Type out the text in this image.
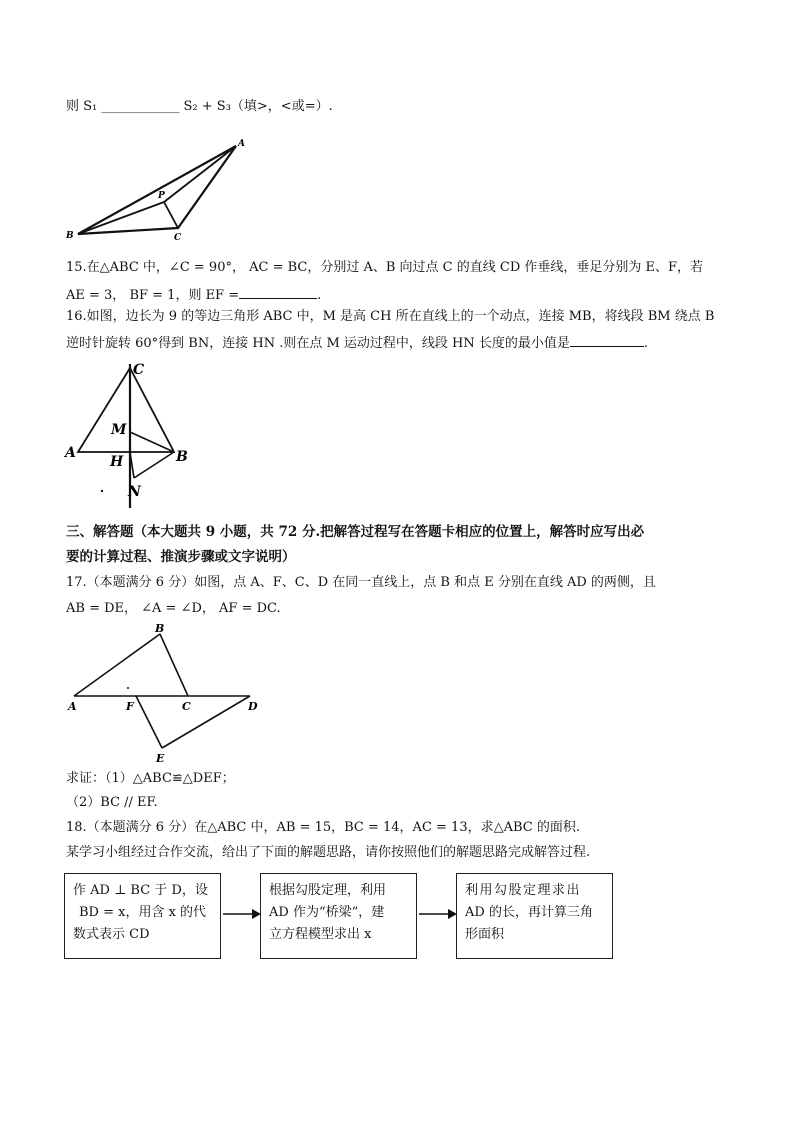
则 S₁ ____________ S₂ + S₃（填>，<或=）.
A
P
B	C
15.在△ABC 中，∠C = 90°， AC = BC，分别过 A、B 向过点 C 的直线 CD 作垂线，垂足分别为 E、F，若
AE = 3， BF = 1，则 EF =	.
16.如图，边长为 9 的等边三角形 ABC 中，M 是高 CH 所在直线上的一个动点，连接 MB，将线段 BM 绕点 B
逆时针旋转 60°得到 BN，连接 HN .则在点 M 运动过程中，线段 HN 长度的最小值是	.
C
M
A
H	B
N
三、解答题（本大题共 9 小题，共 72 分.把解答过程写在答题卡相应的位置上，解答时应写出必
要的计算过程、推演步骤或文字说明）
17.（本题满分 6 分）如图，点 A、F、C、D 在同一直线上，点 B 和点 E 分别在直线 AD 的两侧，且
AB = DE， ∠A = ∠D， AF = DC.
B
A	F	C	D
E
求证：（1）△ABC≌△DEF；
（2）BC // EF.
18.（本题满分 6 分）在△ABC 中，AB = 15，BC = 14，AC = 13，求△ABC 的面积.
某学习小组经过合作交流，给出了下面的解题思路，请你按照他们的解题思路完成解答过程.
作 AD ⊥ BC 于 D，设
BD = x，用含 x 的代
数式表示 CD
根据勾股定理，利用
AD 作为“桥梁”，建
立方程模型求出 x
利用勾股定理求出
AD 的长，再计算三角
形面积
